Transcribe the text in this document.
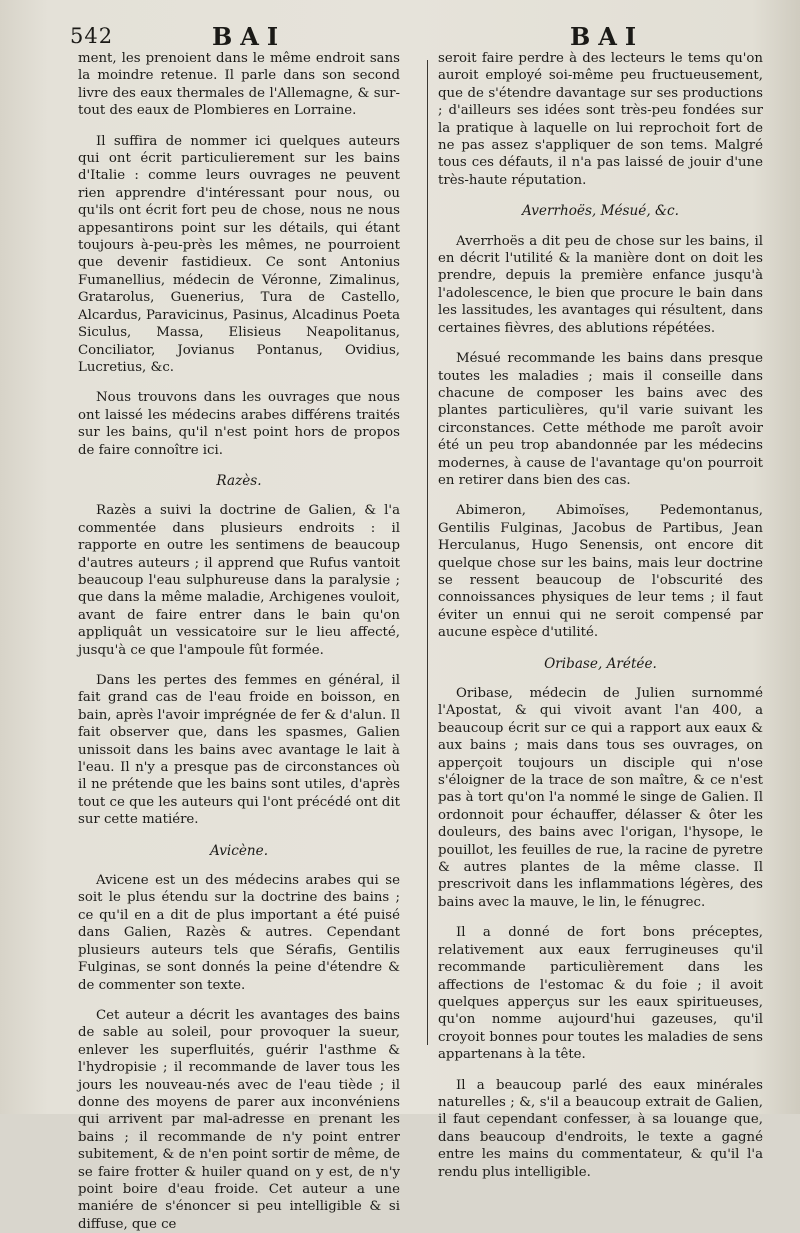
542	BAI	BAI

ment, les prenoient dans le même endroit sans la moindre retenue. Il parle dans son second livre des eaux thermales de l'Allemagne, & sur-tout des eaux de Plombieres en Lorraine.

Il suffira de nommer ici quelques auteurs qui ont écrit particulierement sur les bains d'Italie : comme leurs ouvrages ne peuvent rien apprendre d'intéressant pour nous, ou qu'ils ont écrit fort peu de chose, nous ne nous appesantirons point sur les détails, qui étant toujours à-peu-près les mêmes, ne pourroient que devenir fastidieux. Ce sont Antonius Fumanellius, médecin de Véronne, Zimalinus, Gratarolus, Guenerius, Tura de Castello, Alcardus, Paravicinus, Pasinus, Alcadinus Poeta Siculus, Massa, Elisieus Neapolitanus, Conciliator, Jovianus Pontanus, Ovidius, Lucretius, &c.

Nous trouvons dans les ouvrages que nous ont laissé les médecins arabes différens traités sur les bains, qu'il n'est point hors de propos de faire connoître ici.

Razès.

Razès a suivi la doctrine de Galien, & l'a commentée dans plusieurs endroits : il rapporte en outre les sentimens de beaucoup d'autres auteurs ; il apprend que Rufus vantoit beaucoup l'eau sulphureuse dans la paralysie ; que dans la même maladie, Archigenes vouloit, avant de faire entrer dans le bain qu'on appliquât un vessicatoire sur le lieu affecté, jusqu'à ce que l'ampoule fût formée.

Dans les pertes des femmes en général, il fait grand cas de l'eau froide en boisson, en bain, après l'avoir imprégnée de fer & d'alun. Il fait observer que, dans les spasmes, Galien unissoit dans les bains avec avantage le lait à l'eau. Il n'y a presque pas de circonstances où il ne prétende que les bains sont utiles, d'après tout ce que les auteurs qui l'ont précédé ont dit sur cette matiére.

Avicène.

Avicene est un des médecins arabes qui se soit le plus étendu sur la doctrine des bains ; ce qu'il en a dit de plus important a été puisé dans Galien, Razès & autres. Cependant plusieurs auteurs tels que Sérafis, Gentilis Fulginas, se sont donnés la peine d'étendre & de commenter son texte.

Cet auteur a décrit les avantages des bains de sable au soleil, pour provoquer la sueur, enlever les superfluités, guérir l'asthme & l'hydropisie ; il recommande de laver tous les jours les nouveau-nés avec de l'eau tiède ; il donne des moyens de parer aux inconvéniens qui arrivent par mal-adresse en prenant les bains ; il recommande de n'y point entrer subitement, & de n'en point sortir de même, de se faire frotter & huiler quand on y est, de n'y point boire d'eau froide. Cet auteur a une maniére de s'énoncer si peu intelligible & si diffuse, que ce

seroit faire perdre à des lecteurs le tems qu'on auroit employé soi-même peu fructueusement, que de s'étendre davantage sur ses productions ; d'ailleurs ses idées sont très-peu fondées sur la pratique à laquelle on lui reprochoit fort de ne pas assez s'appliquer de son tems. Malgré tous ces défauts, il n'a pas laissé de jouir d'une très-haute réputation.

Averrhoës, Mésué, &c.

Averrhoës a dit peu de chose sur les bains, il en décrit l'utilité & la manière dont on doit les prendre, depuis la première enfance jusqu'à l'adolescence, le bien que procure le bain dans les lassitudes, les avantages qui résultent, dans certaines fièvres, des ablutions répétées.

Mésué recommande les bains dans presque toutes les maladies ; mais il conseille dans chacune de composer les bains avec des plantes particulières, qu'il varie suivant les circonstances. Cette méthode me paroît avoir été un peu trop abandonnée par les médecins modernes, à cause de l'avantage qu'on pourroit en retirer dans bien des cas.

Abimeron, Abimoïses, Pedemontanus, Gentilis Fulginas, Jacobus de Partibus, Jean Herculanus, Hugo Senensis, ont encore dit quelque chose sur les bains, mais leur doctrine se ressent beaucoup de l'obscurité des connoissances physiques de leur tems ; il faut éviter un ennui qui ne seroit compensé par aucune espèce d'utilité.

Oribase, Arétée.

Oribase, médecin de Julien surnommé l'Apostat, & qui vivoit avant l'an 400, a beaucoup écrit sur ce qui a rapport aux eaux & aux bains ; mais dans tous ses ouvrages, on apperçoit toujours un disciple qui n'ose s'éloigner de la trace de son maître, & ce n'est pas à tort qu'on l'a nommé le singe de Galien. Il ordonnoit pour échauffer, délasser & ôter les douleurs, des bains avec l'origan, l'hysope, le pouillot, les feuilles de rue, la racine de pyretre & autres plantes de la même classe. Il prescrivoit dans les inflammations légères, des bains avec la mauve, le lin, le fénugrec.

Il a donné de fort bons préceptes, relativement aux eaux ferrugineuses qu'il recommande particulièrement dans les affections de l'estomac & du foie ; il avoit quelques apperçus sur les eaux spiritueuses, qu'on nomme aujourd'hui gazeuses, qu'il croyoit bonnes pour toutes les maladies de sens appartenans à la tête.

Il a beaucoup parlé des eaux minérales naturelles ; &, s'il a beaucoup extrait de Galien, il faut cependant confesser, à sa louange que, dans beaucoup d'endroits, le texte a gagné entre les mains du commentateur, & qu'il l'a rendu plus intelligible.
